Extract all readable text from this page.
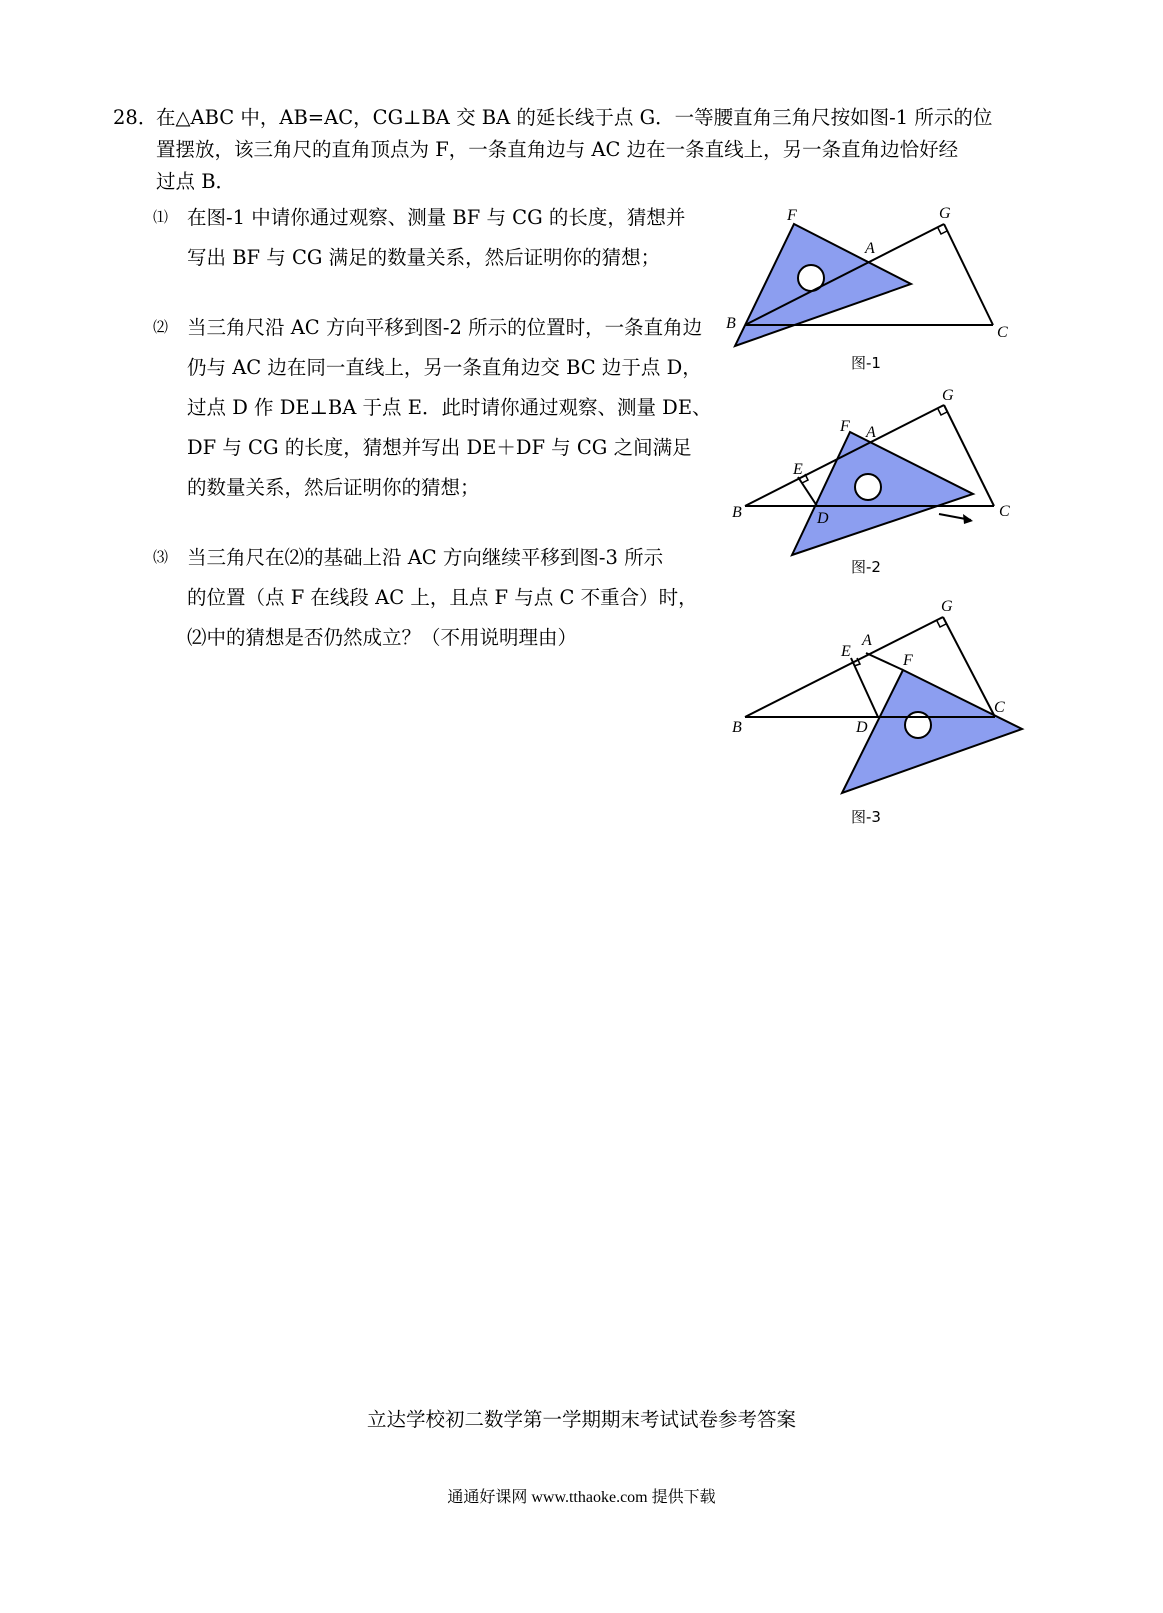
28．
在△ABC 中，AB=AC，CG⊥BA 交 BA 的延长线于点 G．一等腰直角三角尺按如图-1 所示的位
置摆放，该三角尺的直角顶点为 F，一条直角边与 AC 边在一条直线上，另一条直角边恰好经
过点 B．
⑴ 在图-1 中请你通过观察、测量 BF 与 CG 的长度，猜想并
写出 BF 与 CG 满足的数量关系，然后证明你的猜想；
⑵ 当三角尺沿 AC 方向平移到图-2 所示的位置时，一条直角边
仍与 AC 边在同一直线上，另一条直角边交 BC 边于点 D，
过点 D 作 DE⊥BA 于点 E．此时请你通过观察、测量 DE、
DF 与 CG 的长度，猜想并写出 DE＋DF 与 CG 之间满足
的数量关系，然后证明你的猜想；
⑶ 当三角尺在⑵的基础上沿 AC 方向继续平移到图-3 所示
的位置（点 F 在线段 AC 上，且点 F 与点 C 不重合）时，
⑵中的猜想是否仍然成立？（不用说明理由）
F	G
A
B
C
图-1
G
F A
E
B	D	C
图-2
G
A
E
F
B	D
C
图-3
立达学校初二数学第一学期期末考试试卷参考答案
通通好课网 www.tthaoke.com 提供下载
